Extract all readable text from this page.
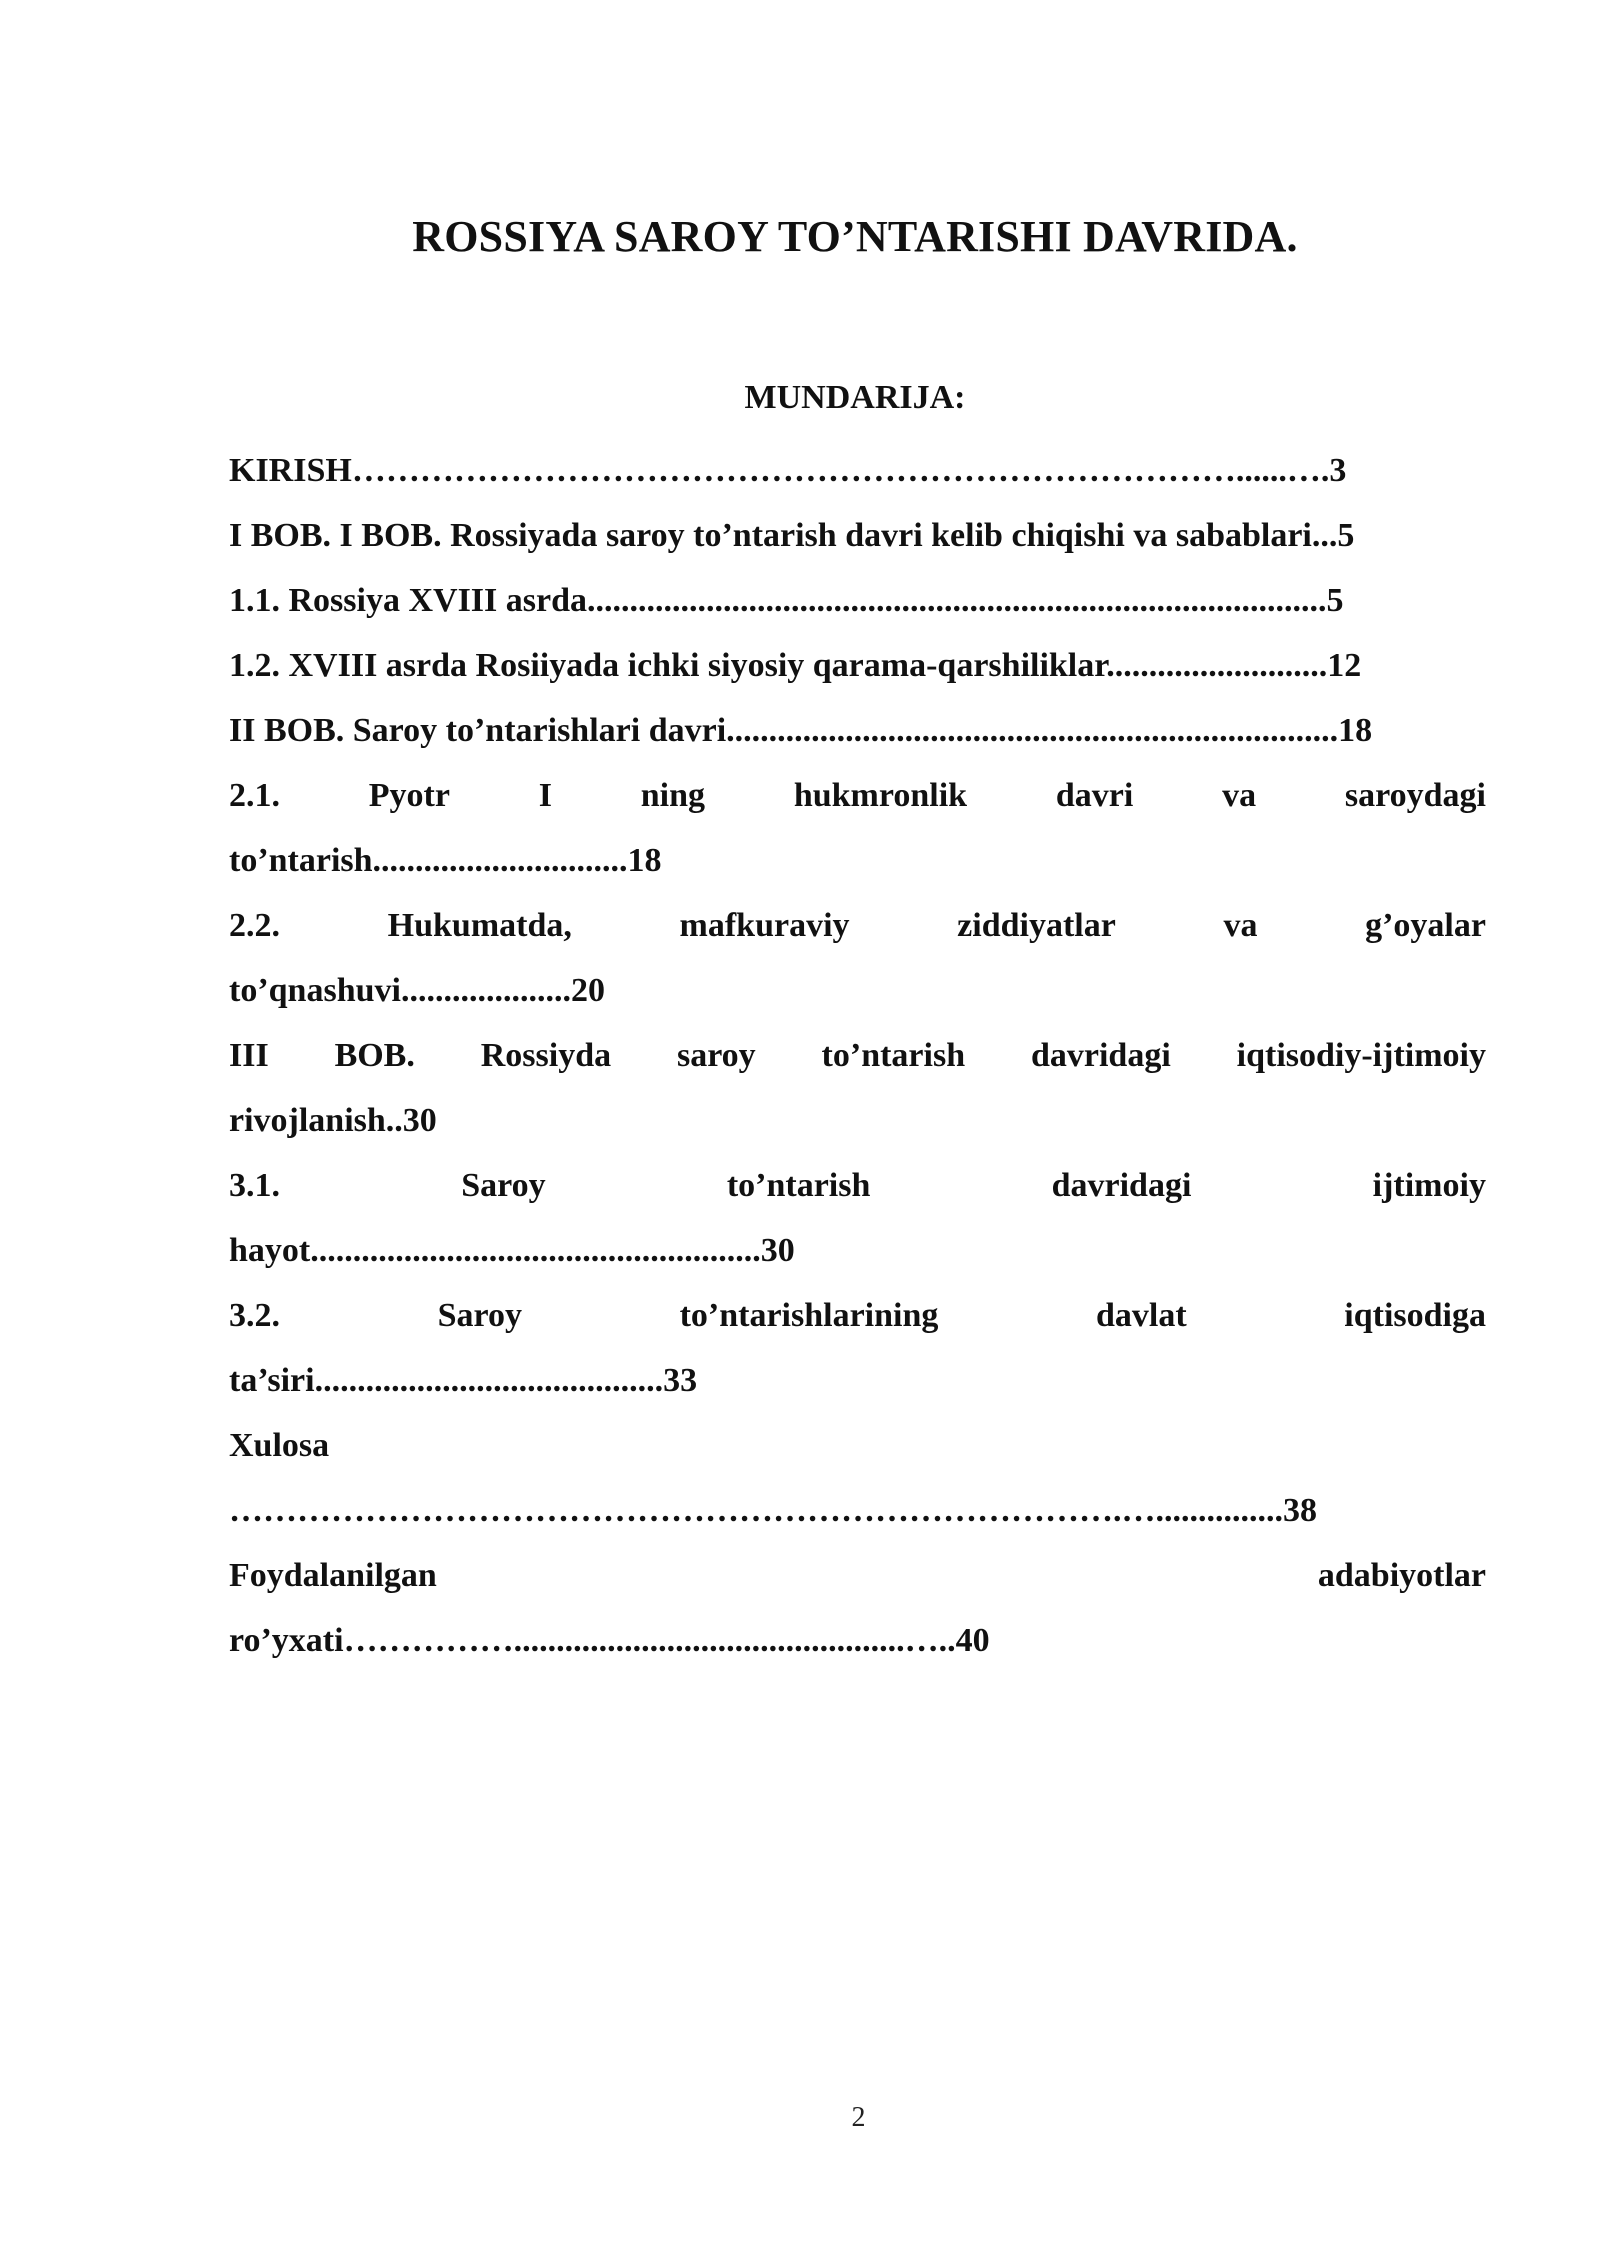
ROSSIYA SAROY TO’NTARISHI DAVRIDA.
MUNDARIJA:
KIRISH……………………………………………………………………......….3
I BOB. I BOB. Rossiyada saroy to’ntarish davri kelib chiqishi va sabablari...5
1.1. Rossiya XVIII asrda.......................................................................................5
1.2. XVIII asrda Rosiiyada ichki siyosiy qarama-qarshiliklar..........................12
II BOB. Saroy to’ntarishlari davri........................................................................18
2.1.	Pyotr	I	ning	hukmronlik	davri	va	saroydagi
to’ntarish..............................18
2.2.	Hukumatda,	mafkuraviy	ziddiyatlar	va	g’oyalar
to’qnashuvi....................20
III BOB. Rossiyda saroy to’ntarish davridagi iqtisodiy-ijtimoiy
rivojlanish..30
3.1.	Saroy	to’ntarish	davridagi	ijtimoiy
hayot.....................................................30
3.2.	Saroy	to’ntarishlarining	davlat	iqtisodiga
ta’siri.........................................33
Xulosa
…………………………………………………………………….…...............38
Foydalanilgan	adabiyotlar
ro’yxati……………..............................................…..40
2
